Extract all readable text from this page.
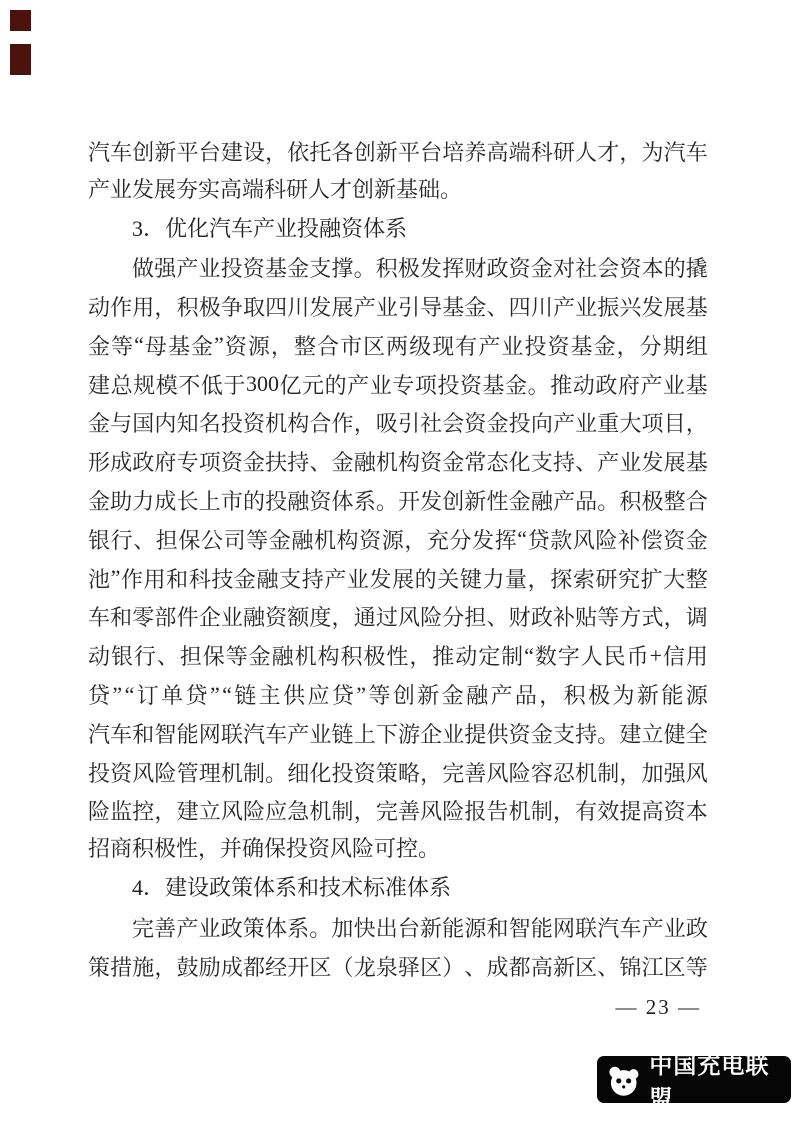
汽 车 创 新 平 台 建 设 ， 依 托 各 创 新 平 台 培 养 高 端 科 研 人 才 ， 为 汽 车
产业发展夯实高端科研人才创新基础。
3．优化汽车产业投融资体系
做 强 产 业 投 资 基 金 支 撑 。 积 极 发 挥 财 政 资 金 对 社 会 资 本 的 撬
动 作 用 ， 积 极 争 取 四 川 发 展 产 业 引 导 基 金 、 四 川 产 业 振 兴 发 展 基
金 等 “ 母 基 金 ” 资 源 ， 整 合 市 区 两 级 现 有 产 业 投 资 基 金 ， 分 期 组
建 总 规 模 不 低 于 300 亿 元 的 产 业 专 项 投 资 基 金 。 推 动 政 府 产 业 基
金 与 国 内 知 名 投 资 机 构 合 作 ， 吸 引 社 会 资 金 投 向 产 业 重 大 项 目 ，
形 成 政 府 专 项 资 金 扶 持 、 金 融 机 构 资 金 常 态 化 支 持 、 产 业 发 展 基
金 助 力 成 长 上 市 的 投 融 资 体 系 。 开 发 创 新 性 金 融 产 品 。 积 极 整 合
银 行 、 担 保 公 司 等 金 融 机 构 资 源 ， 充 分 发 挥 “ 贷 款 风 险 补 偿 资 金
池 ” 作 用 和 科 技 金 融 支 持 产 业 发 展 的 关 键 力 量 ， 探 索 研 究 扩 大 整
车 和 零 部 件 企 业 融 资 额 度 ， 通 过 风 险 分 担 、 财 政 补 贴 等 方 式 ， 调
动 银 行 、 担 保 等 金 融 机 构 积 极 性 ， 推 动 定 制 “ 数 字 人 民 币 + 信 用
贷 ” “ 订 单 贷 ” “ 链 主 供 应 贷 ” 等 创 新 金 融 产 品 ， 积 极 为 新 能 源
汽 车 和 智 能 网 联 汽 车 产 业 链 上 下 游 企 业 提 供 资 金 支 持 。 建 立 健 全
投 资 风 险 管 理 机 制 。 细 化 投 资 策 略 ， 完 善 风 险 容 忍 机 制 ， 加 强 风
险 监 控 ， 建 立 风 险 应 急 机 制 ， 完 善 风 险 报 告 机 制 ， 有 效 提 高 资 本
招商积极性，并确保投资风险可控。
4．建设政策体系和技术标准体系
完 善 产 业 政 策 体 系 。 加 快 出 台 新 能 源 和 智 能 网 联 汽 车 产 业 政
策 措 施 ， 鼓 励 成 都 经 开 区 （ 龙 泉 驿 区 ） 、 成 都 高 新 区 、 锦 江 区 等
— 23 —
中国充电联盟
